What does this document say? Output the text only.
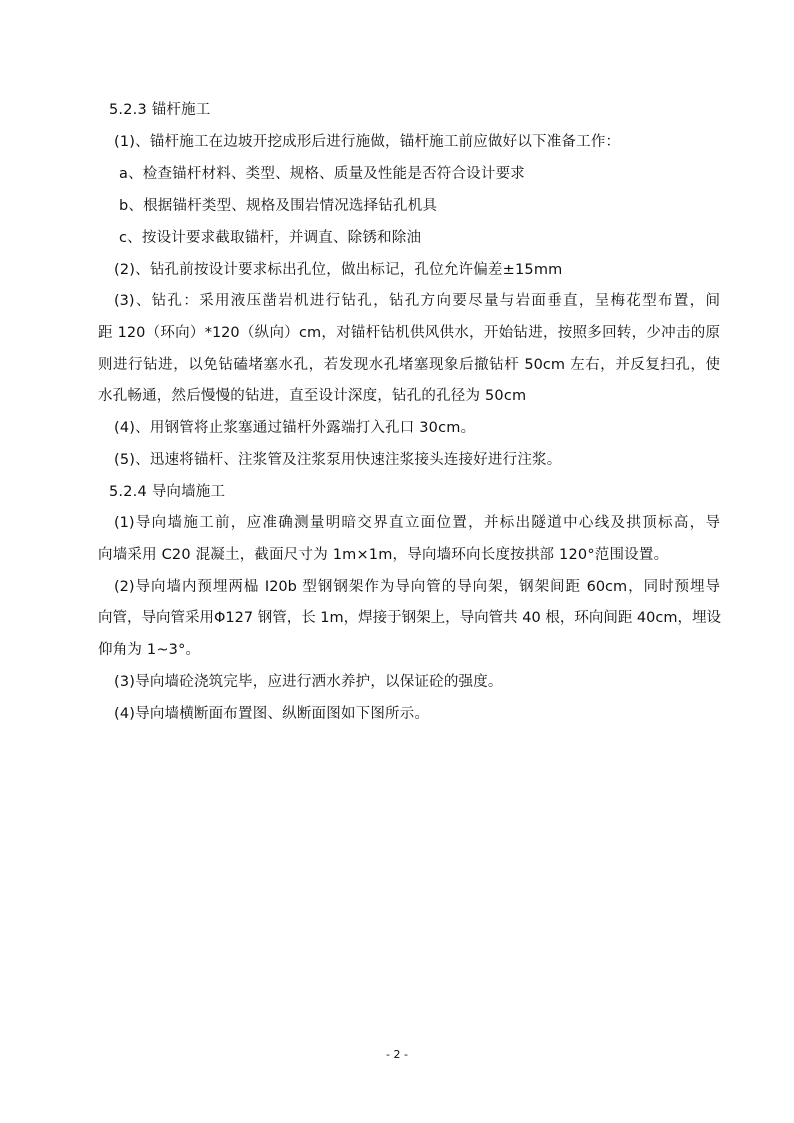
5.2.3 锚杆施工
(1)、锚杆施工在边坡开挖成形后进行施做，锚杆施工前应做好以下准备工作：
a、检查锚杆材料、类型、规格、质量及性能是否符合设计要求
b、根据锚杆类型、规格及围岩情况选择钻孔机具
c、按设计要求截取锚杆，并调直、除锈和除油
(2)、钻孔前按设计要求标出孔位，做出标记，孔位允许偏差±15mm
(3)、钻孔：采用液压凿岩机进行钻孔，钻孔方向要尽量与岩面垂直，呈梅花型布置，间
距 120（环向）*120（纵向）cm，对锚杆钻机供风供水，开始钻进，按照多回转，少冲击的原
则进行钻进，以免钻磕堵塞水孔，若发现水孔堵塞现象后撤钻杆 50cm 左右，并反复扫孔，使
水孔畅通，然后慢慢的钻进，直至设计深度，钻孔的孔径为 50cm
(4)、用钢管将止浆塞通过锚杆外露端打入孔口 30cm。
(5)、迅速将锚杆、注浆管及注浆泵用快速注浆接头连接好进行注浆。
5.2.4 导向墙施工
(1)导向墙施工前，应准确测量明暗交界直立面位置，并标出隧道中心线及拱顶标高，导
向墙采用 C20 混凝土，截面尺寸为 1m×1m，导向墙环向长度按拱部 120°范围设置。
(2)导向墙内预埋两榀 I20b 型钢钢架作为导向管的导向架，钢架间距 60cm，同时预埋导
向管，导向管采用Φ127 钢管，长 1m，焊接于钢架上，导向管共 40 根，环向间距 40cm，埋设
仰角为 1~3°。
(3)导向墙砼浇筑完毕，应进行洒水养护，以保证砼的强度。
(4)导向墙横断面布置图、纵断面图如下图所示。
- 2 -
